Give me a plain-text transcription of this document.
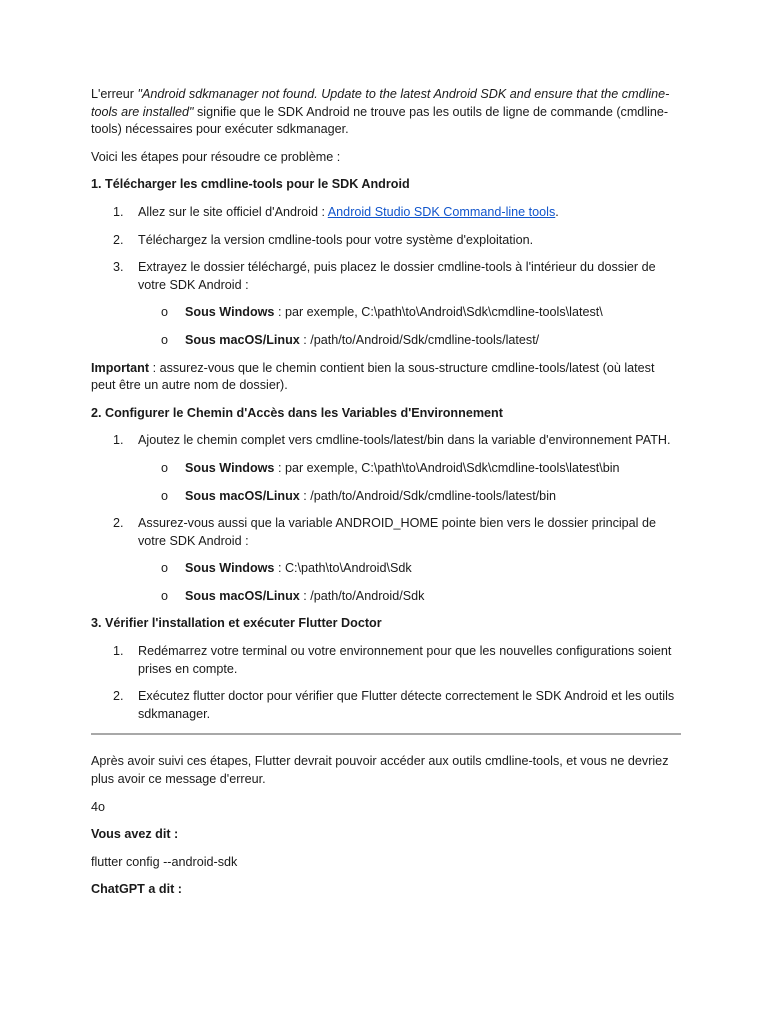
L'erreur "Android sdkmanager not found. Update to the latest Android SDK and ensure that the cmdline-tools are installed" signifie que le SDK Android ne trouve pas les outils de ligne de commande (cmdline-tools) nécessaires pour exécuter sdkmanager.

Voici les étapes pour résoudre ce problème :

1. Télécharger les cmdline-tools pour le SDK Android

1.	Allez sur le site officiel d'Android : Android Studio SDK Command-line tools.
2.	Téléchargez la version cmdline-tools pour votre système d'exploitation.
3.	Extrayez le dossier téléchargé, puis placez le dossier cmdline-tools à l'intérieur du dossier de votre SDK Android :
o	Sous Windows : par exemple, C:\path\to\Android\Sdk\cmdline-tools\latest\
o	Sous macOS/Linux : /path/to/Android/Sdk/cmdline-tools/latest/

Important : assurez-vous que le chemin contient bien la sous-structure cmdline-tools/latest (où latest peut être un autre nom de dossier).

2. Configurer le Chemin d'Accès dans les Variables d'Environnement

1.	Ajoutez le chemin complet vers cmdline-tools/latest/bin dans la variable d'environnement PATH.
o	Sous Windows : par exemple, C:\path\to\Android\Sdk\cmdline-tools\latest\bin
o	Sous macOS/Linux : /path/to/Android/Sdk/cmdline-tools/latest/bin
2.	Assurez-vous aussi que la variable ANDROID_HOME pointe bien vers le dossier principal de votre SDK Android :
o	Sous Windows : C:\path\to\Android\Sdk
o	Sous macOS/Linux : /path/to/Android/Sdk

3. Vérifier l'installation et exécuter Flutter Doctor

1.	Redémarrez votre terminal ou votre environnement pour que les nouvelles configurations soient prises en compte.
2.	Exécutez flutter doctor pour vérifier que Flutter détecte correctement le SDK Android et les outils sdkmanager.

Après avoir suivi ces étapes, Flutter devrait pouvoir accéder aux outils cmdline-tools, et vous ne devriez plus avoir ce message d'erreur.

4o

Vous avez dit :

flutter config --android-sdk

ChatGPT a dit :
